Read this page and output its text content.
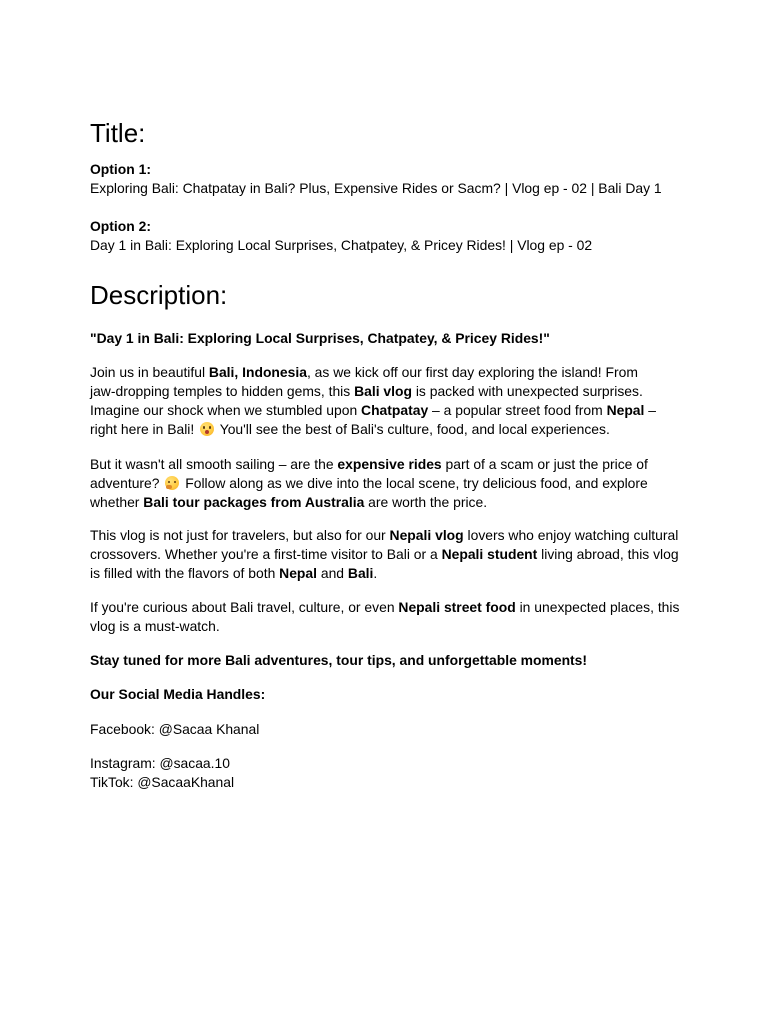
Title:

Option 1:
Exploring Bali: Chatpatay in Bali? Plus, Expensive Rides or Sacm? | Vlog ep - 02 | Bali Day 1

Option 2:
Day 1 in Bali: Exploring Local Surprises, Chatpatey, & Pricey Rides! | Vlog ep - 02

Description:

"Day 1 in Bali: Exploring Local Surprises, Chatpatey, & Pricey Rides!"

Join us in beautiful Bali, Indonesia, as we kick off our first day exploring the island! From
jaw-dropping temples to hidden gems, this Bali vlog is packed with unexpected surprises.
Imagine our shock when we stumbled upon Chatpatay – a popular street food from Nepal –
right here in Bali!  You'll see the best of Bali's culture, food, and local experiences.

But it wasn't all smooth sailing – are the expensive rides part of a scam or just the price of
adventure?  Follow along as we dive into the local scene, try delicious food, and explore
whether Bali tour packages from Australia are worth the price.

This vlog is not just for travelers, but also for our Nepali vlog lovers who enjoy watching cultural
crossovers. Whether you're a first-time visitor to Bali or a Nepali student living abroad, this vlog
is filled with the flavors of both Nepal and Bali.

If you're curious about Bali travel, culture, or even Nepali street food in unexpected places, this
vlog is a must-watch.

Stay tuned for more Bali adventures, tour tips, and unforgettable moments!

Our Social Media Handles:

Facebook: @Sacaa Khanal

Instagram: @sacaa.10
TikTok: @SacaaKhanal
